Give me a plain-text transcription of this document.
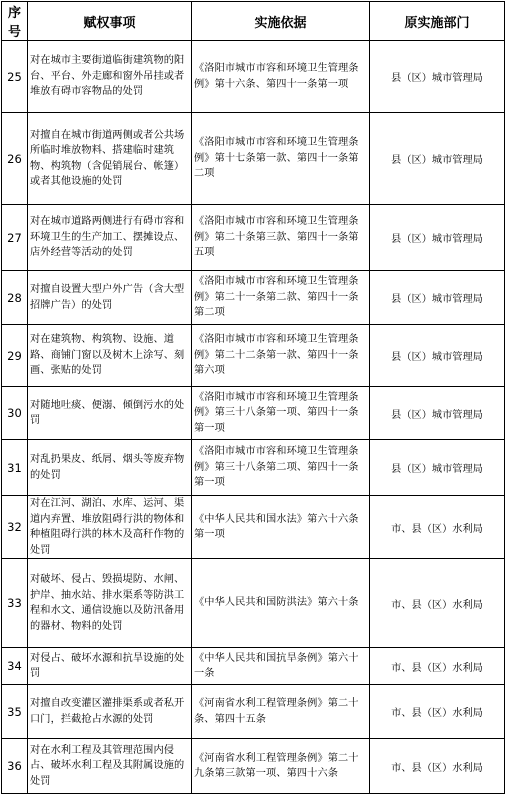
序号	赋权事项	实施依据	原实施部门
25	对在城市主要街道临街建筑物的阳台、平台、外走廊和窗外吊挂或者堆放有碍市容物品的处罚	《洛阳市城市市容和环境卫生管理条例》第十六条、第四十一条第一项	县（区）城市管理局
26	对擅自在城市街道两侧或者公共场所临时堆放物料、搭建临时建筑物、构筑物（含促销展台、帐篷）或者其他设施的处罚	《洛阳市城市市容和环境卫生管理条例》第十七条第一款、第四十一条第二项	县（区）城市管理局
27	对在城市道路两侧进行有碍市容和环境卫生的生产加工、摆摊设点、店外经营等活动的处罚	《洛阳市城市市容和环境卫生管理条例》第二十条第三款、第四十一条第五项	县（区）城市管理局
28	对擅自设置大型户外广告（含大型招牌广告）的处罚	《洛阳市城市市容和环境卫生管理条例》第二十一条第二款、第四十一条第二项	县（区）城市管理局
29	对在建筑物、构筑物、设施、道路、商铺门窗以及树木上涂写、刻画、张贴的处罚	《洛阳市城市市容和环境卫生管理条例》第二十二条第一款、第四十一条第六项	县（区）城市管理局
30	对随地吐痰、便溺、倾倒污水的处罚	《洛阳市城市市容和环境卫生管理条例》第三十八条第一项、第四十一条第一项	县（区）城市管理局
31	对乱扔果皮、纸屑、烟头等废弃物的处罚	《洛阳市城市市容和环境卫生管理条例》第三十八条第二项、第四十一条第一项	县（区）城市管理局
32	对在江河、湖泊、水库、运河、渠道内弃置、堆放阻碍行洪的物体和种植阻碍行洪的林木及高秆作物的处罚	《中华人民共和国水法》第六十六条第一项	市、县（区）水利局
33	对破坏、侵占、毁损堤防、水闸、护岸、抽水站、排水渠系等防洪工程和水文、通信设施以及防汛备用的器材、物料的处罚	《中华人民共和国防洪法》第六十条	市、县（区）水利局
34	对侵占、破坏水源和抗旱设施的处罚	《中华人民共和国抗旱条例》第六十一条	市、县（区）水利局
35	对擅自改变灌区灌排渠系或者私开口门，拦截抢占水源的处罚	《河南省水利工程管理条例》第二十条、第四十五条	市、县（区）水利局
36	对在水利工程及其管理范围内侵占、破坏水利工程及其附属设施的处罚	《河南省水利工程管理条例》第二十九条第三款第一项、第四十六条	市、县（区）水利局
